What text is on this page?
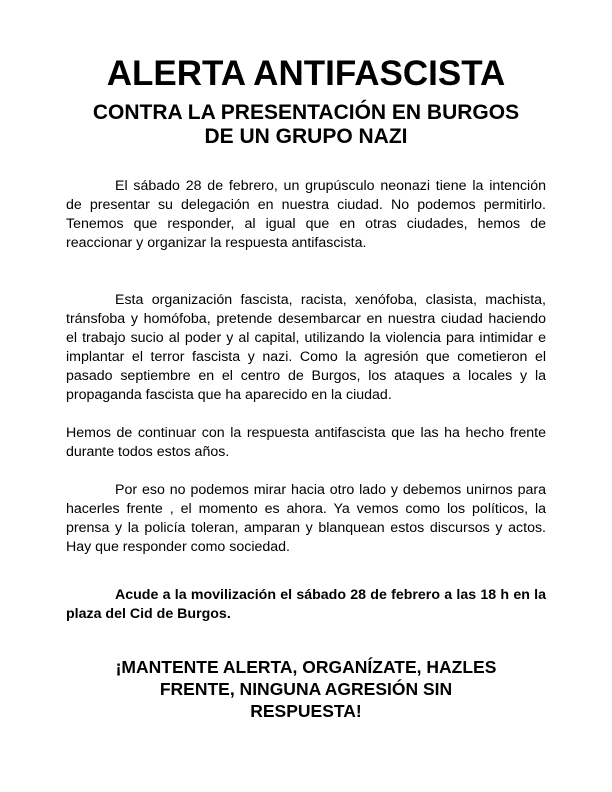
ALERTA ANTIFASCISTA
CONTRA LA PRESENTACIÓN EN BURGOS
DE UN GRUPO NAZI

El sábado 28 de febrero, un grupúsculo neonazi tiene la intención de presentar su delegación en nuestra ciudad. No podemos permitirlo. Tenemos que responder, al igual que en otras ciudades, hemos de reaccionar y organizar la respuesta antifascista.

Esta organización fascista, racista, xenófoba, clasista, machista, tránsfoba y homófoba, pretende desembarcar en nuestra ciudad haciendo el trabajo sucio al poder y al capital, utilizando la violencia para intimidar e implantar el terror fascista y nazi. Como la agresión que cometieron el pasado septiembre en el centro de Burgos, los ataques a locales y la propaganda fascista que ha aparecido en la ciudad.

Hemos de continuar con la respuesta antifascista que las ha hecho frente durante todos estos años.

Por eso no podemos mirar hacia otro lado y debemos unirnos para hacerles frente , el momento es ahora. Ya vemos como los políticos, la prensa y la policía toleran, amparan y blanquean estos discursos y actos. Hay que responder como sociedad.

Acude a la movilización el sábado 28 de febrero a las 18 h en la plaza del Cid de Burgos.

¡MANTENTE ALERTA, ORGANÍZATE, HAZLES
FRENTE, NINGUNA AGRESIÓN SIN
RESPUESTA!
